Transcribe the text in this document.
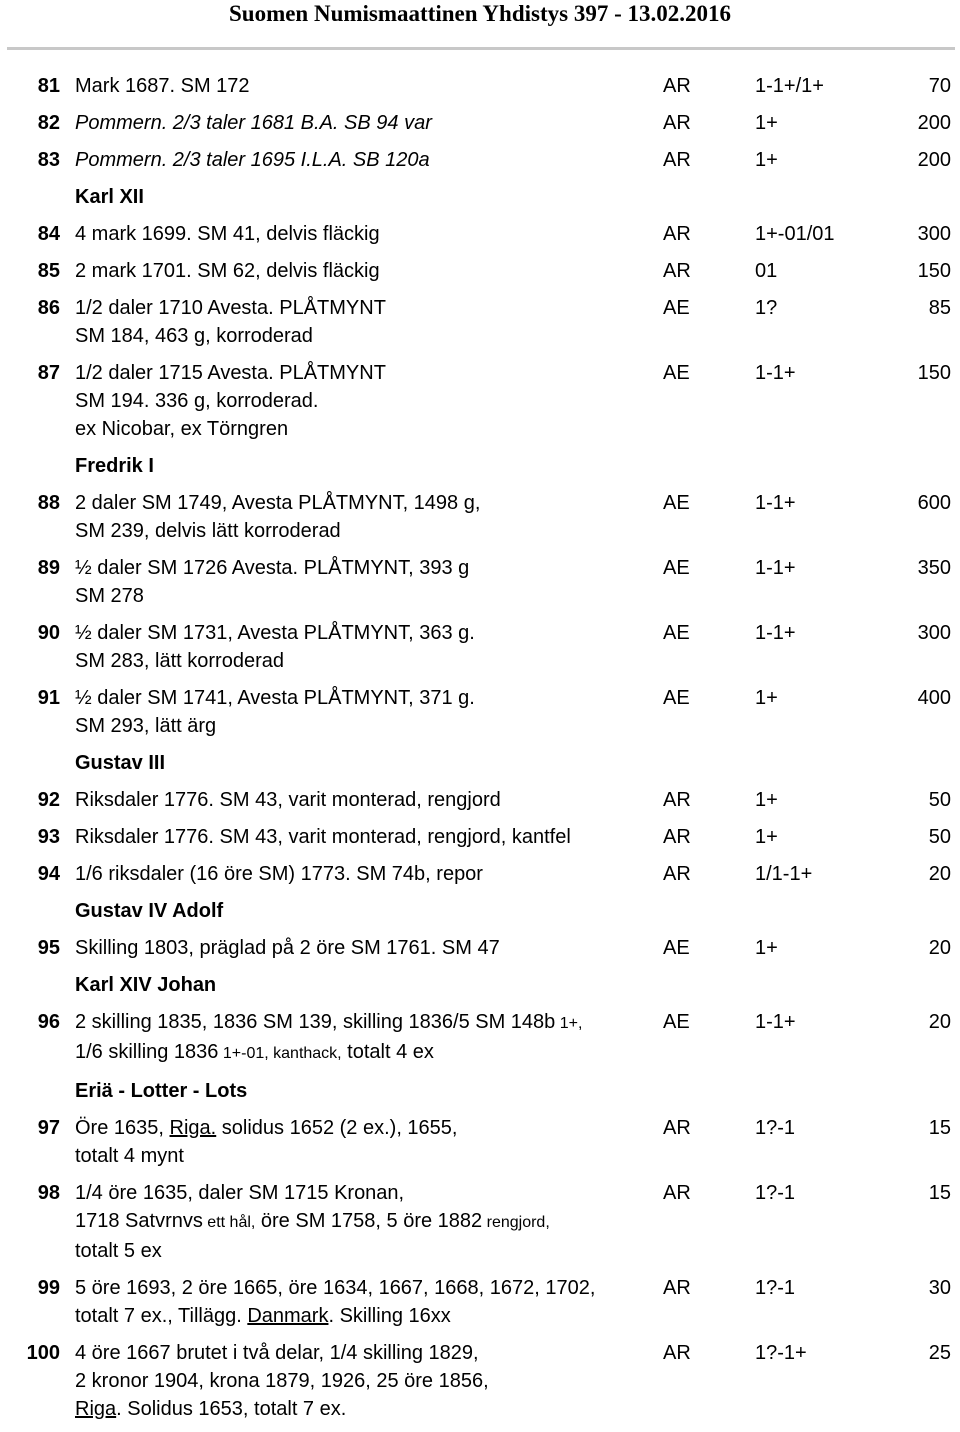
Suomen Numismaattinen Yhdistys 397 - 13.02.2016
81 Mark 1687. SM 172	AR	1-1+/1+	70
82 Pommern. 2/3 taler 1681 B.A. SB 94 var	AR	1+	200
83 Pommern. 2/3 taler 1695 I.L.A. SB 120a	AR	1+	200
Karl XII
84 4 mark 1699. SM 41, delvis fläckig	AR	1+-01/01	300
85 2 mark 1701. SM 62, delvis fläckig	AR	01	150
86 1/2 daler 1710 Avesta. PLÅTMYNT
SM 184, 463 g, korroderad
AE	1?	85
87 1/2 daler 1715 Avesta. PLÅTMYNT
SM 194. 336 g, korroderad.
ex Nicobar, ex Törngren
AE	1-1+	150
Fredrik I
88 2 daler SM 1749, Avesta PLÅTMYNT, 1498 g,
SM 239, delvis lätt korroderad
AE	1-1+	600
89 ½ daler SM 1726 Avesta. PLÅTMYNT, 393 g
SM 278
AE	1-1+	350
90 ½ daler SM 1731, Avesta PLÅTMYNT, 363 g.
SM 283, lätt korroderad
AE	1-1+	300
91 ½ daler SM 1741, Avesta PLÅTMYNT, 371 g.
SM 293, lätt ärg
AE	1+	400
Gustav III
92 Riksdaler 1776. SM 43, varit monterad, rengjord	AR	1+	50
93 Riksdaler 1776. SM 43, varit monterad, rengjord, kantfel	AR	1+	50
94 1/6 riksdaler (16 öre SM) 1773. SM 74b, repor	AR	1/1-1+	20
Gustav IV Adolf
95 Skilling 1803, präglad på 2 öre SM 1761. SM 47	AE	1+	20
Karl XIV Johan
96 2 skilling 1835, 1836 SM 139, skilling 1836/5 SM 148b 1+,
1/6 skilling 1836 1+-01, kanthack, totalt 4 ex
AE	1-1+	20
Eriä - Lotter - Lots
97 Öre 1635, Riga. solidus 1652 (2 ex.), 1655,
totalt 4 mynt
AR	1?-1	15
98 1/4 öre 1635, daler SM 1715 Kronan,
1718 Satvrnvs ett hål, öre SM 1758, 5 öre 1882 rengjord,
totalt 5 ex
AR	1?-1	15
99 5 öre 1693, 2 öre 1665, öre 1634, 1667, 1668, 1672, 1702,
totalt 7 ex., Tillägg. Danmark. Skilling 16xx
AR	1?-1	30
100 4 öre 1667 brutet i två delar, 1/4 skilling 1829,
2 kronor 1904, krona 1879, 1926, 25 öre 1856,
Riga. Solidus 1653, totalt 7 ex.
AR	1?-1+	25
